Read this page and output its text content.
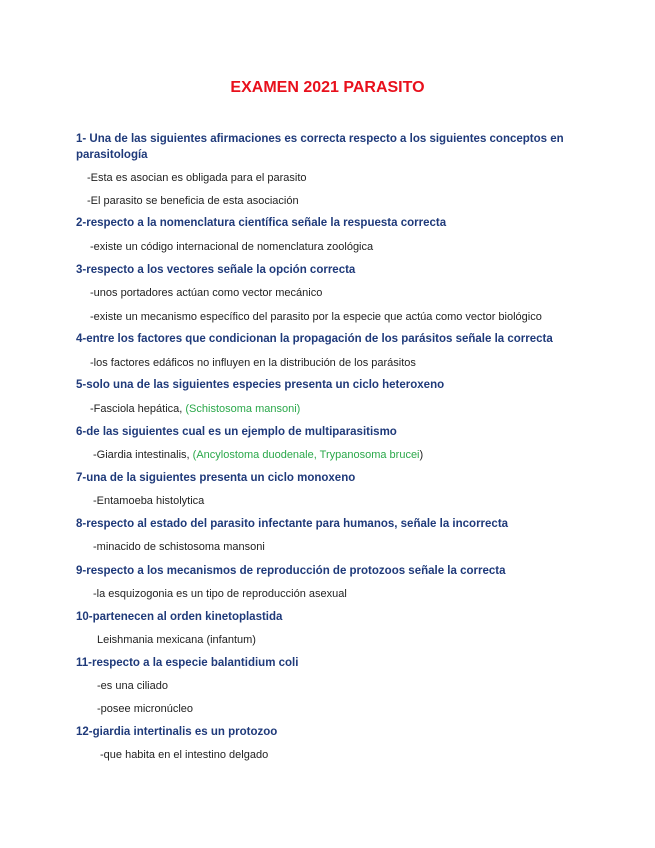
EXAMEN 2021 PARASITO
1- Una de las siguientes afirmaciones es correcta respecto a los siguientes conceptos en parasitología
-Esta es asocian es obligada para el parasito
-El parasito se beneficia de esta asociación
2-respecto a la nomenclatura científica señale la respuesta correcta
-existe un código internacional de nomenclatura zoológica
3-respecto a los vectores señale la opción correcta
-unos portadores actúan como vector mecánico
-existe un mecanismo específico del parasito por la especie que actúa como vector biológico
4-entre los factores que condicionan la propagación de los parásitos señale la correcta
-los factores edáficos no influyen en la distribución de los parásitos
5-solo una de las siguientes especies presenta un ciclo heteroxeno
-Fasciola hepática, (Schistosoma mansoni)
6-de las siguientes cual es un ejemplo de multiparasitismo
-Giardia intestinalis, (Ancylostoma duodenale, Trypanosoma brucei)
7-una de la siguientes presenta un ciclo monoxeno
-Entamoeba histolytica
8-respecto al estado del parasito infectante para humanos, señale la incorrecta
-minacido de schistosoma mansoni
9-respecto a los mecanismos de reproducción de protozoos señale la correcta
-la esquizogonia es un tipo de reproducción asexual
10-partenecen al orden kinetoplastida
Leishmania mexicana (infantum)
11-respecto a la especie balantidium coli
-es una ciliado
-posee micronúcleo
12-giardia intertinalis es un protozoo
-que habita en el intestino delgado
